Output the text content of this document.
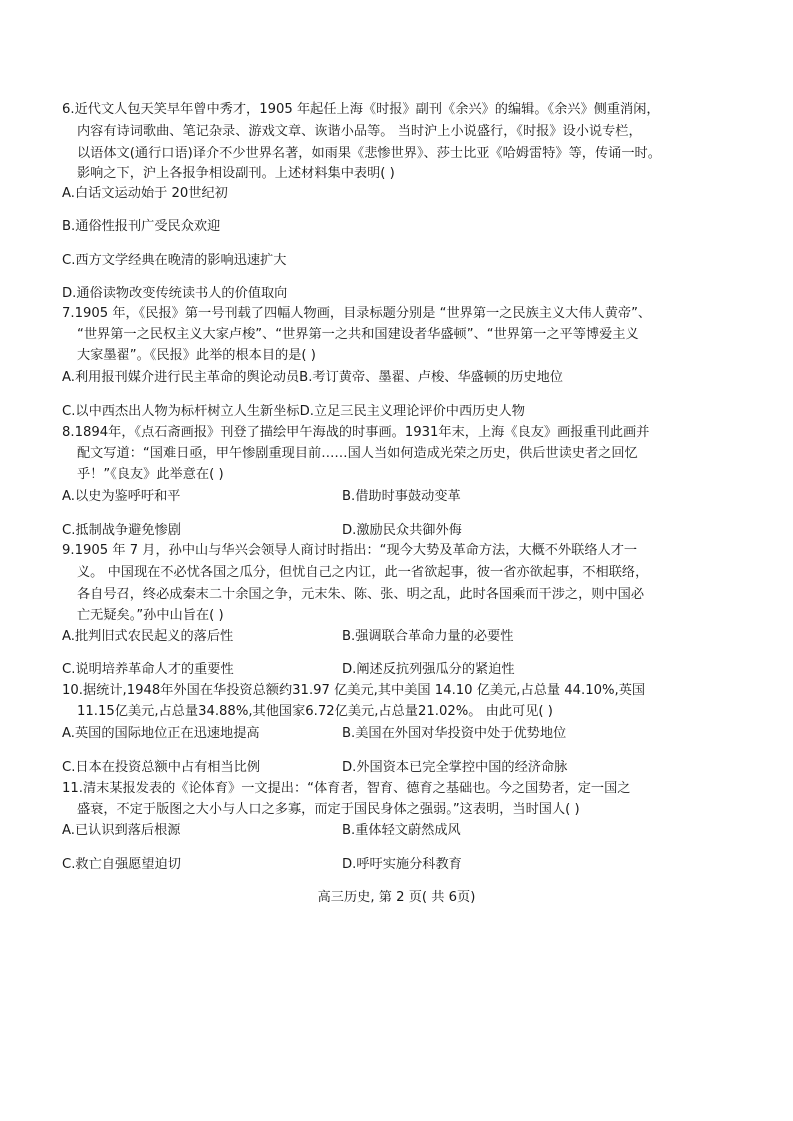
6.近代文人包天笑早年曾中秀才，1905 年起任上海《时报》副刊《余兴》的编辑。《余兴》侧重消闲，
内容有诗词歌曲、笔记杂录、游戏文章、诙谐小品等。 当时沪上小说盛行，《时报》设小说专栏，
以语体文(通行口语)译介不少世界名著，如雨果《悲惨世界》、莎士比亚《哈姆雷特》等，传诵一时。
影响之下，沪上各报争相设副刊。上述材料集中表明( )
A.白话文运动始于 20世纪初
B.通俗性报刊广受民众欢迎
C.西方文学经典在晚清的影响迅速扩大
D.通俗读物改变传统读书人的价值取向
7.1905 年，《民报》第一号刊载了四幅人物画，目录标题分别是 “世界第一之民族主义大伟人黄帝”、
“世界第一之民权主义大家卢梭”、“世界第一之共和国建设者华盛顿”、“世界第一之平等博爱主义
大家墨翟”。《民报》此举的根本目的是( )
A.利用报刊媒介进行民主革命的舆论动员B.考订黄帝、墨翟、卢梭、华盛顿的历史地位
C.以中西杰出人物为标杆树立人生新坐标D.立足三民主义理论评价中西历史人物
8.1894年，《点石斋画报》刊登了描绘甲午海战的时事画。1931年末，上海《良友》画报重刊此画并
配文写道：“国难日亟，甲午惨剧重现目前……国人当如何造成光荣之历史，供后世读史者之回忆
乎！”《良友》此举意在( )
A.以史为鉴呼吁和平	B.借助时事鼓动变革
C.抵制战争避免惨剧	D.激励民众共御外侮
9.1905 年 7 月，孙中山与华兴会领导人商讨时指出：“现今大势及革命方法，大概不外联络人才一
义。 中国现在不必忧各国之瓜分，但忧自己之内讧，此一省欲起事，彼一省亦欲起事，不相联络，
各自号召，终必成秦末二十余国之争，元末朱、陈、张、明之乱，此时各国乘而干涉之，则中国必
亡无疑矣。”孙中山旨在( )
A.批判旧式农民起义的落后性	B.强调联合革命力量的必要性
C.说明培养革命人才的重要性	D.阐述反抗列强瓜分的紧迫性
10.据统计,1948年外国在华投资总额约31.97 亿美元,其中美国 14.10 亿美元,占总量 44.10%,英国
11.15亿美元,占总量34.88%,其他国家6.72亿美元,占总量21.02%。 由此可见( )
A.英国的国际地位正在迅速地提高	B.美国在外国对华投资中处于优势地位
C.日本在投资总额中占有相当比例	D.外国资本已完全掌控中国的经济命脉
11.清末某报发表的《论体育》一文提出：“体育者，智育、德育之基础也。今之国势者，定一国之
盛衰，不定于版图之大小与人口之多寡，而定于国民身体之强弱。”这表明，当时国人( )
A.已认识到落后根源	B.重体轻文蔚然成风
C.救亡自强愿望迫切	D.呼吁实施分科教育
高三历史, 第 2 页( 共 6页)
